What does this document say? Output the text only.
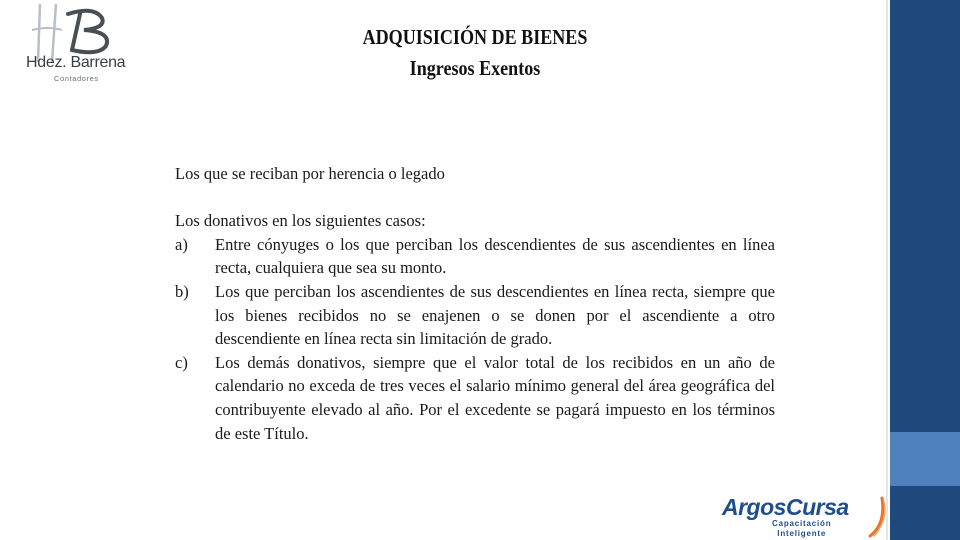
Hdez. Barrena
Contadores
ADQUISICIÓN DE BIENES
Ingresos Exentos

Los que se reciban por herencia o legado

Los donativos en los siguientes casos:

a)	Entre cónyuges o los que perciban los descendientes de sus ascendientes en línea recta, cualquiera que sea su monto.
b)	Los que perciban los ascendientes de sus descendientes en línea recta, siempre que los bienes recibidos no se enajenen o se donen por el ascendiente a otro descendiente en línea recta sin limitación de grado.
c)	Los demás donativos, siempre que el valor total de los recibidos en un año de calendario no exceda de tres veces el salario mínimo general del área geográfica del contribuyente elevado al año. Por el excedente se pagará impuesto en los términos de este Título.
ArgosCursa
Capacitación
Inteligente
